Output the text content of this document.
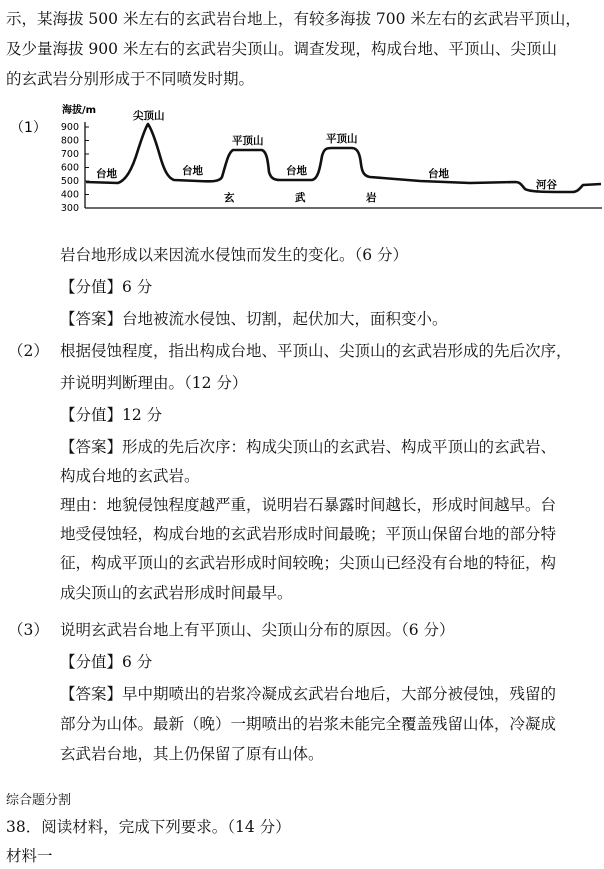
示，某海拔 500 米左右的玄武岩台地上，有较多海拔 700 米左右的玄武岩平顶山，
及少量海拔 900 米左右的玄武岩尖顶山。调查发现，构成台地、平顶山、尖顶山
的玄武岩分别形成于不同喷发时期。
（1）
海拔/m
900
800
700
600
500
400
300
尖顶山
平顶山	平顶山
台地	台地	台地	台地
河谷
玄	武	岩
岩台地形成以来因流水侵蚀而发生的变化。（6 分）
【分值】6 分
【答案】台地被流水侵蚀、切割，起伏加大，面积变小。
（2） 根据侵蚀程度，指出构成台地、平顶山、尖顶山的玄武岩形成的先后次序，
并说明判断理由。（12 分）
【分值】12 分
【答案】形成的先后次序：构成尖顶山的玄武岩、构成平顶山的玄武岩、
构成台地的玄武岩。
理由：地貌侵蚀程度越严重，说明岩石暴露时间越长，形成时间越早。台
地受侵蚀轻，构成台地的玄武岩形成时间最晚；平顶山保留台地的部分特
征，构成平顶山的玄武岩形成时间较晚；尖顶山已经没有台地的特征，构
成尖顶山的玄武岩形成时间最早。
（3） 说明玄武岩台地上有平顶山、尖顶山分布的原因。（6 分）
【分值】6 分
【答案】早中期喷出的岩浆冷凝成玄武岩台地后，大部分被侵蚀，残留的
部分为山体。最新（晚）一期喷出的岩浆未能完全覆盖残留山体，冷凝成
玄武岩台地，其上仍保留了原有山体。
综合题分割
38．阅读材料，完成下列要求。（14 分）
材料一
